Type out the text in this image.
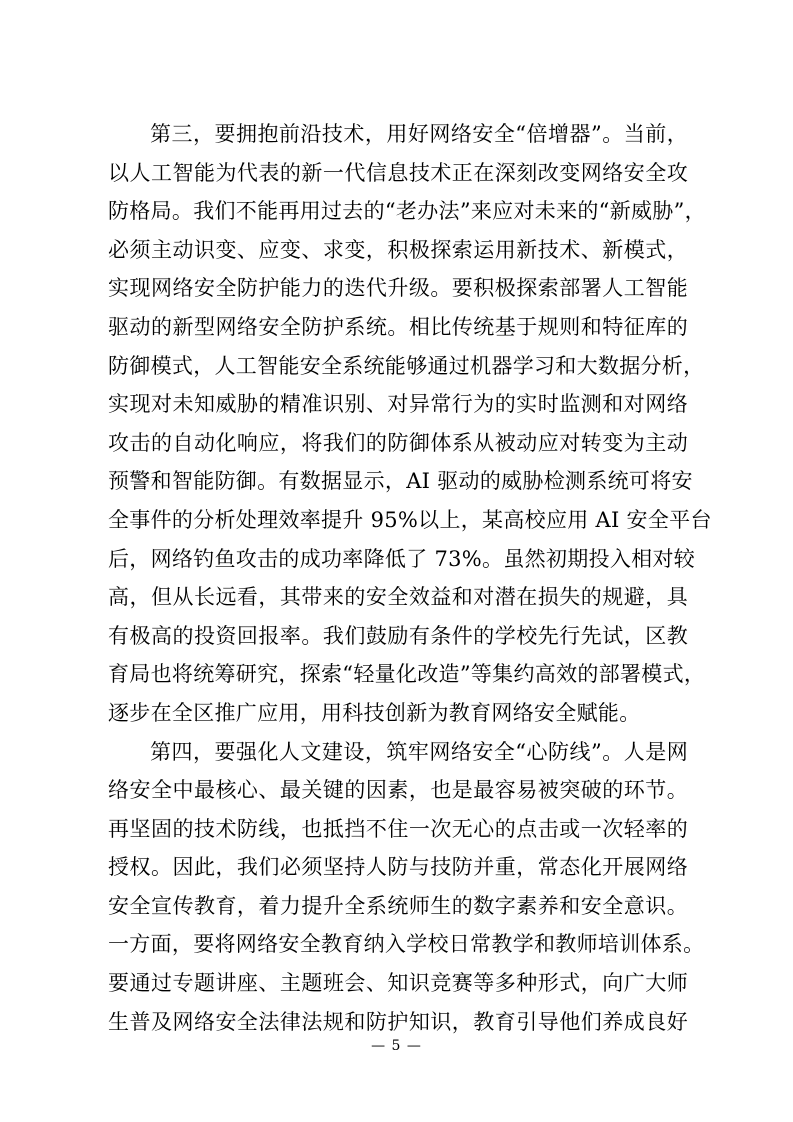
第三，要拥抱前沿技术，用好网络安全“倍增器”。当前，
以人工智能为代表的新一代信息技术正在深刻改变网络安全攻
防格局。我们不能再用过去的“老办法”来应对未来的“新威胁”，
必须主动识变、应变、求变，积极探索运用新技术、新模式，
实现网络安全防护能力的迭代升级。要积极探索部署人工智能
驱动的新型网络安全防护系统。相比传统基于规则和特征库的
防御模式，人工智能安全系统能够通过机器学习和大数据分析，
实现对未知威胁的精准识别、对异常行为的实时监测和对网络
攻击的自动化响应，将我们的防御体系从被动应对转变为主动
预警和智能防御。有数据显示，AI 驱动的威胁检测系统可将安
全事件的分析处理效率提升 95%以上，某高校应用 AI 安全平台
后，网络钓鱼攻击的成功率降低了 73%。虽然初期投入相对较
高，但从长远看，其带来的安全效益和对潜在损失的规避，具
有极高的投资回报率。我们鼓励有条件的学校先行先试，区教
育局也将统筹研究，探索“轻量化改造”等集约高效的部署模式，
逐步在全区推广应用，用科技创新为教育网络安全赋能。
第四，要强化人文建设，筑牢网络安全“心防线”。人是网
络安全中最核心、最关键的因素，也是最容易被突破的环节。
再坚固的技术防线，也抵挡不住一次无心的点击或一次轻率的
授权。因此，我们必须坚持人防与技防并重，常态化开展网络
安全宣传教育，着力提升全系统师生的数字素养和安全意识。
一方面，要将网络安全教育纳入学校日常教学和教师培训体系。
要通过专题讲座、主题班会、知识竞赛等多种形式，向广大师
生普及网络安全法律法规和防护知识，教育引导他们养成良好
— 5 —
